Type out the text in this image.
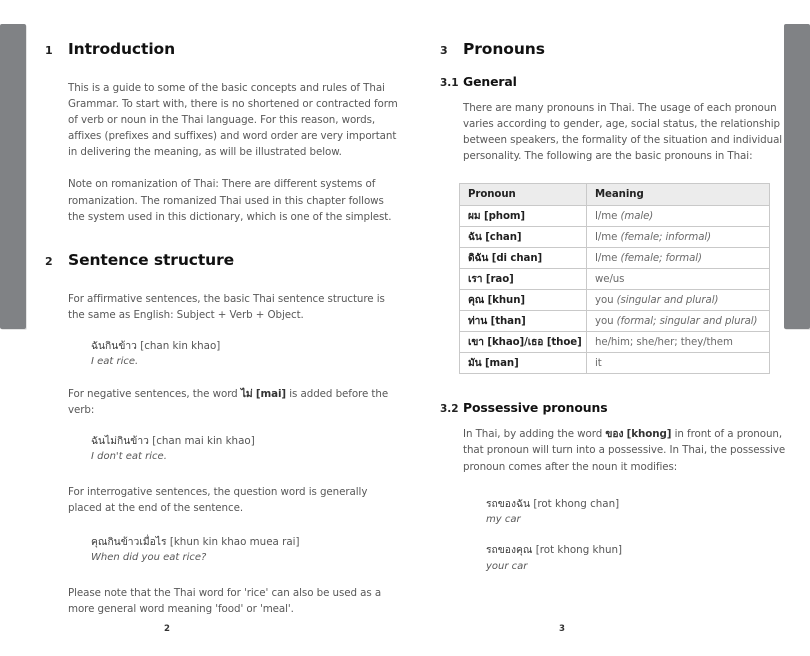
1 Introduction

This is a guide to some of the basic concepts and rules of Thai Grammar. To start with, there is no shortened or contracted form of verb or noun in the Thai language. For this reason, words, affixes (prefixes and suffixes) and word order are very important in delivering the meaning, as will be illustrated below.

Note on romanization of Thai: There are different systems of romanization. The romanized Thai used in this chapter follows the system used in this dictionary, which is one of the simplest.

2 Sentence structure

For affirmative sentences, the basic Thai sentence structure is the same as English: Subject + Verb + Object.

ฉันกินข้าว [chan kin khao]
I eat rice.

For negative sentences, the word ไม่ [mai] is added before the verb:

ฉันไม่กินข้าว [chan mai kin khao]
I don't eat rice.

For interrogative sentences, the question word is generally placed at the end of the sentence.

คุณกินข้าวเมื่อไร [khun kin khao muea rai]
When did you eat rice?

Please note that the Thai word for 'rice' can also be used as a more general word meaning 'food' or 'meal'.

3 Pronouns
3.1 General

There are many pronouns in Thai. The usage of each pronoun varies according to gender, age, social status, the relationship between speakers, the formality of the situation and individual personality. The following are the basic pronouns in Thai:

Pronoun	Meaning
ผม [phom]	I/me (male)
ฉัน [chan]	I/me (female; informal)
ดิฉัน [di chan]	I/me (female; formal)
เรา [rao]	we/us
คุณ [khun]	you (singular and plural)
ท่าน [than]	you (formal; singular and plural)
เขา [khao]/เธอ [thoe]	he/him; she/her; they/them
มัน [man]	it
3.2 Possessive pronouns

In Thai, by adding the word ของ [khong] in front of a pronoun, that pronoun will turn into a possessive. In Thai, the possessive pronoun comes after the noun it modifies:

รถของฉัน [rot khong chan]
my car
รถของคุณ [rot khong khun]
your car
2	3
